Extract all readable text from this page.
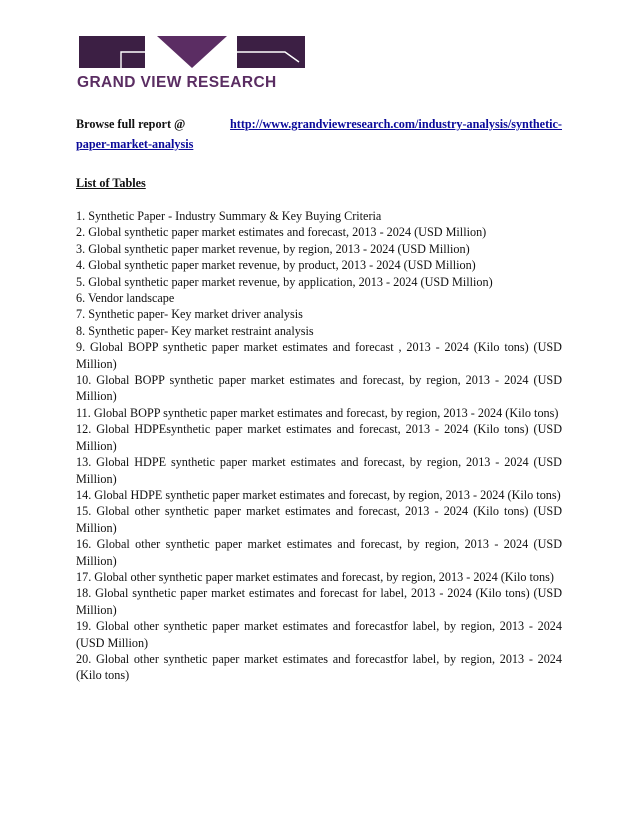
GRAND VIEW RESEARCH
Browse full report @	http://www.grandviewresearch.com/industry-analysis/synthetic-
paper-market-analysis
List of Tables
1. Synthetic Paper - Industry Summary & Key Buying Criteria
2. Global synthetic paper market estimates and forecast, 2013 - 2024 (USD Million)
3. Global synthetic paper market revenue, by region, 2013 - 2024 (USD Million)
4. Global synthetic paper market revenue, by product, 2013 - 2024 (USD Million)
5. Global synthetic paper market revenue, by application, 2013 - 2024 (USD Million)
6. Vendor landscape
7. Synthetic paper- Key market driver analysis
8. Synthetic paper- Key market restraint analysis
9. Global BOPP synthetic paper market estimates and forecast , 2013 - 2024 (Kilo tons) (USD Million)
10. Global BOPP synthetic paper market estimates and forecast, by region, 2013 - 2024 (USD Million)
11. Global BOPP synthetic paper market estimates and forecast, by region, 2013 - 2024 (Kilo tons)
12. Global HDPEsynthetic paper market estimates and forecast, 2013 - 2024 (Kilo tons) (USD Million)
13. Global HDPE synthetic paper market estimates and forecast, by region, 2013 - 2024 (USD Million)
14. Global HDPE synthetic paper market estimates and forecast, by region, 2013 - 2024 (Kilo tons)
15. Global other synthetic paper market estimates and forecast, 2013 - 2024 (Kilo tons) (USD Million)
16. Global other synthetic paper market estimates and forecast, by region, 2013 - 2024 (USD Million)
17. Global other synthetic paper market estimates and forecast, by region, 2013 - 2024 (Kilo tons)
18. Global synthetic paper market estimates and forecast for label, 2013 - 2024 (Kilo tons) (USD Million)
19. Global other synthetic paper market estimates and forecastfor label, by region, 2013 - 2024 (USD Million)
20. Global other synthetic paper market estimates and forecastfor label, by region, 2013 - 2024 (Kilo tons)
